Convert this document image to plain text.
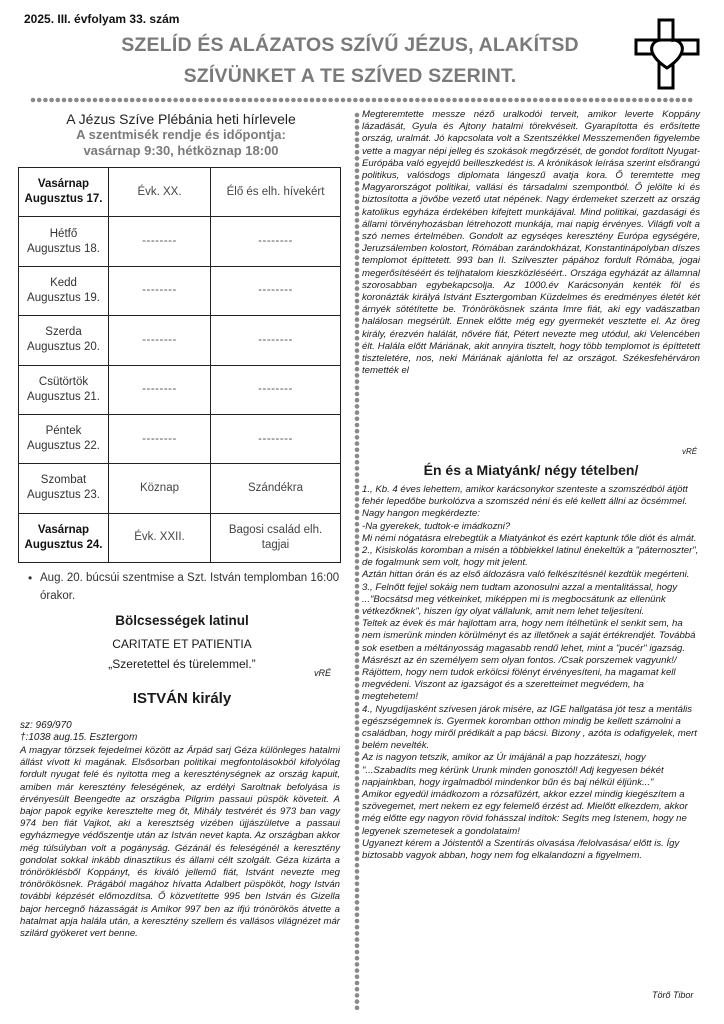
2025. III. évfolyam 33. szám
SZELÍD ÉS ALÁZATOS SZÍVŰ JÉZUS, ALAKÍTSD
SZÍVÜNKET A TE SZÍVED SZERINT.
A Jézus Szíve Plébánia heti hírlevele
A szentmisék rendje és időpontja:
vasárnap 9:30, hétköznap 18:00
Vasárnap
Augusztus 17.	Évk. XX.	Élő és elh. hívekért

Hétfő
Augusztus 18.	--------	--------

Kedd
Augusztus 19.	--------	--------

Szerda
Augusztus 20.	--------	--------

Csütörtök
Augusztus 21.	--------	--------

Péntek
Augusztus 22.	--------	--------

Szombat
Augusztus 23.	Köznap	Szándékra

Vasárnap
Augusztus 24.	Évk. XXII.	Bagosi család elh. tagjai
• Aug. 20. búcsúi szentmise a Szt. István templomban 16:00 órakor.
Bölcsességek latinul
CARITATE ET PATIENTIA
„Szeretettel és türelemmel.”
vRÉ
ISTVÁN király
sz: 969/970
†:1038 aug.15. Esztergom
A magyar törzsek fejedelmei között az Árpád sarj Géza különleges hatalmi állást vívott ki magának. Elsősorban politikai megfontolásokból kifolyólag fordult nyugat felé és nyitotta meg a kereszténységnek az ország kapuit, amiben már keresztény feleségének, az erdélyi Saroltnak befolyása is érvényesült Beengedte az országba Pilgrim passaui püspök követeit. A bajor papok egyike keresztelte meg őt, Mihály testvérét és 973 ban vagy 974 ben fiát Vajkot, aki a keresztség vizében újjászületve a passaui egyházmegye védőszentje után az István nevet kapta. Az országban akkor még túlsúlyban volt a pogányság. Gézánál és feleségénél a keresztény gondolat sokkal inkább dinasztikus és állami célt szolgált. Géza kizárta a trónöröklésből Koppányt, és kiváló jellemű fiát, Istvánt nevezte meg trónörökösnek. Prágából magához hívatta Adalbert püspököt, hogy István további képzését előmozdítsa. Ő közvetítette 995 ben István és Gizella bajor hercegnő házasságát is Amikor 997 ben az ifjú trónörökös átvette a hatalmat apja halála után, a keresztény szellem és vallásos világnézet már szilárd gyökeret vert benne.
Megteremtette messze néző uralkodói terveit, amikor leverte Koppány lázadását, Gyula és Ajtony hatalmi törekvéseit. Gyarapította és erősítette ország, uralmát. Jó kapcsolata volt a Szentszékkel Messzemenően figyelembe vette a magyar népi jelleg és szokások megőrzését, de gondot fordított Nyugat-Európába való egyejdű beilleszkedést is. A krónikások leírása szerint elsőrangú politikus, valósdogs diplomata lángeszű avatja kora. Ő teremtette meg Magyarországot politikai, vallási és társadalmi szempontból. Ő jelölte ki és biztosította a jövőbe vezető utat népének. Nagy érdemeket szerzett az ország katolikus egyháza érdekében kifejtett munkájával. Mind politikai, gazdasági és állami törvényhozásban létrehozott munkája, mai napig érvényes. Világfi volt a szó nemes értelmében. Gondolt az egyséqes keresztény Európa egységére, Jeruzsálemben kolostort, Rómában zarándokházat, Konstantinápolyban díszes templomot építtetett. 993 ban II. Szilveszter pápához fordult Rómába, jogai megerősítéséért és teljhatalom kieszközléséért.. Országa egyházát az államnal szorosabban egybekapcsolja. Az 1000.év Karácsonyán kenték föl és koronázták királyá Istvánt Esztergomban Küzdelmes és eredményes életét két árnyék sötétítette be. Trónörökösnek szánta Imre fiát, aki egy vadászatban halálosan megsérült. Ennek előtte még egy gyermekét vesztette el. Az öreg király, érezvén halálát, nővére fiát, Pétert nevezte meg utódul, aki Velencében élt. Halála előtt Máriának, akit annyira tisztelt, hogy több templomot is építtetett tiszteletére, nos, neki Máriának ajánlotta fel az országot. Székesfehérváron temették el
vRÉ
Én és a Miatyánk/ négy tételben/

1., Kb. 4 éves lehettem, amikor karácsonykor szenteste a szomszédból átjött fehér lepedőbe burkolózva a szomszéd néni és elé kellett állni az öcsémmel. Nagy hangon megkérdezte:

-Na gyerekek, tudtok-e imádkozni?

Mi némi nógatásra elrebegtük a Miatyánkot és ezért kaptunk tőle diót és almát.

2., Kisiskolás koromban a misén a többiekkel latinul énekeltük a "páternoszter", de fogalmunk sem volt, hogy mit jelent.

Aztán hittan órán és az első áldozásra való felkészítésnél kezdtük megérteni.

3., Felnőtt fejjel sokáig nem tudtam azonosulni azzal a mentalitással, hogy ..."Bocsátsd meg vétkeinket, miképpen mi is megbocsátunk az ellenünk vétkezőknek", hiszen így olyat vállalunk, amit nem lehet teljesíteni.

Teltek az évek és már hajlottam arra, hogy nem ítélhetünk el senkit sem, ha nem ismerünk minden körülményt és az illetőnek a saját értékrendjét. Továbbá sok esetben a méltányosság magasabb rendű lehet, mint a "pucér" igazság.

Másrészt az én személyem sem olyan fontos. /Csak porszemek vagyunk!/

Rájöttem, hogy nem tudok erkölcsi fölényt érvényesíteni, ha magamat kell megvédeni. Viszont az igazságot és a szeretteimet megvédem, ha megtehetem!

4., Nyugdíjasként szívesen járok misére, az IGE hallgatása jót tesz a mentális egészségemnek is. Gyermek koromban otthon mindig be kellett számolni a családban, hogy miről prédikált a pap bácsi. Bizony , azóta is odafigyelek, mert belém nevelték.

Az is nagyon tetszik, amikor az Úr imájánál a pap hozzáteszi, hogy "...Szabadíts meg kérünk Urunk minden gonosztól! Adj kegyesen békét napjainkban, hogy irgalmadból mindenkor bűn és baj nélkül éljünk..."

Amikor egyedül imádkozom a rózsafűzért, akkor ezzel mindig kiegészítem a szövegemet, mert nekem ez egy felemelő érzést ad. Mielőtt elkezdem, akkor még előtte egy nagyon rövid fohásszal indítok: Segíts meg Istenem, hogy ne legyenek szemetesek a gondolataim!

Ugyanezt kérem a Jóistentől a Szentírás olvasása /felolvasása/ előtt is. Így biztosabb vagyok abban, hogy nem fog elkalandozni a figyelmem.

Törő Tibor
